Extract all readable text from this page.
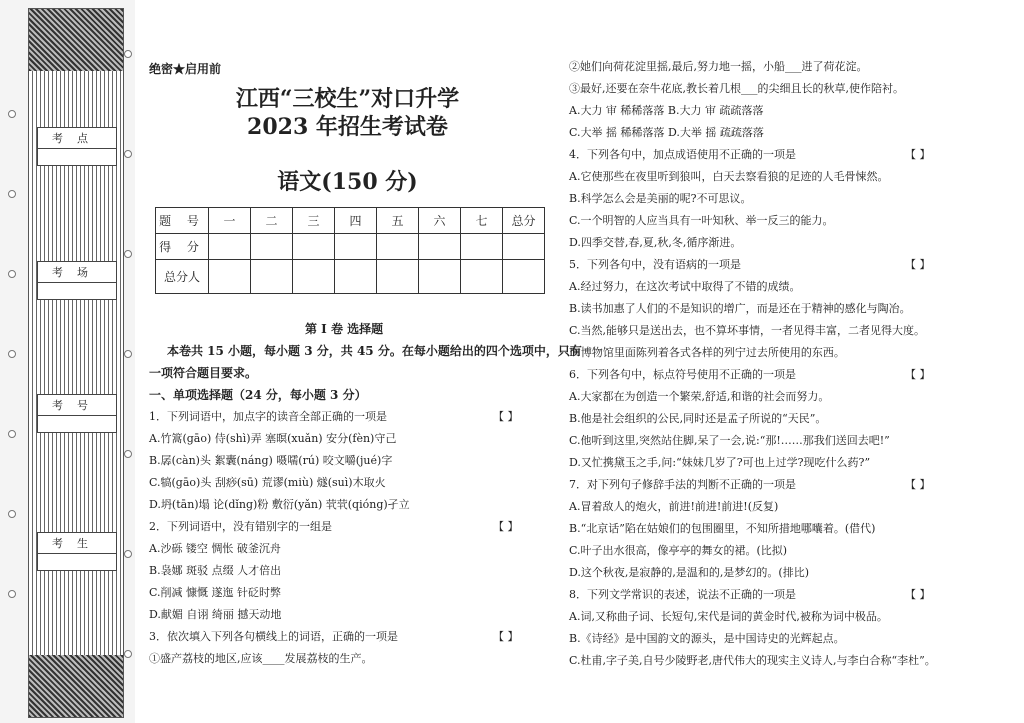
考点
考场
考号
考生
绝密★启用前
江西“三校生”对口升学
2023 年招生考试卷
语文(150 分)
题 号	一	二	三	四	五	六	七	总分
得 分								
总分人								
第 I 卷 选择题
本卷共 15 小题，每小题 3 分，共 45 分。在每小题给出的四个选项中，只有
一项符合题目要求。
一、单项选择题（24 分，每小题 3 分）
1．下列词语中，加点字的读音全部正确的一项是	【 】
A.竹篙(gāo) 侍(shì)弄 塞暝(xuǎn) 安分(fèn)守己
B.孱(càn)头 絮囊(náng) 嗫嚅(rú) 咬文嚼(jué)字
C.犒(gāo)头 刮痧(sū) 荒谬(miù) 燧(suì)木取火
D.坍(tān)塌 论(dǐng)粉 敷衍(yǎn) 茕茕(qióng)孑立
2．下列词语中，没有错别字的一组是	【 】
A.沙砾 镂空 惆怅 破釜沉舟
B.袅娜 斑驳 点缀 人才倍出
C.削减 慷慨 遂迤 针砭时弊
D.献媚 自诩 绮丽 撼天动地
3．依次填入下列各句横线上的词语，正确的一项是	【 】
①盛产荔枝的地区,应该____发展荔枝的生产。
②她们向荷花淀里摇,最后,努力地一摇，小船___进了荷花淀。
③最好,还要在奈牛花底,教长着几根___的尖细且长的秋草,使作陪衬。
A.大力 审 稀稀落落 B.大力 审 疏疏落落
C.大举 摇 稀稀落落 D.大举 摇 疏疏落落
4．下列各句中，加点成语使用不正确的一项是	【 】
A.它使那些在夜里听到狼叫，白天去察看狼的足迹的人毛骨悚然。
B.科学怎么会是美丽的呢?不可思议。
C.一个明智的人应当具有一叶知秋、举一反三的能力。
D.四季交替,春,夏,秋,冬,循序渐进。
5．下列各句中，没有语病的一项是	【 】
A.经过努力，在这次考试中取得了不错的成绩。
B.读书加惠了人们的不是知识的增广，而是还在于精神的感化与陶冶。
C.当然,能够只是送出去，也不算坏事情，一者见得丰富，二者见得大度。
D.博物馆里面陈列着各式各样的列宁过去所使用的东西。
6．下列各句中，标点符号使用不正确的一项是	【 】
A.大家都在为创造一个繁荣,舒适,和谐的社会而努力。
B.他是社会组织的公民,同时还是孟子所说的“天民”。
C.他听到这里,突然站住脚,呆了一会,说:“那!……那我们送回去吧!”
D.又忙携黛玉之手,问:“妹妹几岁了?可也上过学?现吃什么药?”
7．对下列句子修辞手法的判断不正确的一项是	【 】
A.冒着敌人的炮火，前进!前进!前进!(反复)
B.“北京话”陷在姑娘们的包围圈里，不知所措地哪囔着。(借代)
C.叶子出水很高，像亭亭的舞女的裙。(比拟)
D.这个秋夜,是寂静的,是温和的,是梦幻的。(排比)
8．下列文学常识的表述，说法不正确的一项是	【 】
A.词,又称曲子词、长短句,宋代是词的黄金时代,被称为词中极品。
B.《诗经》是中国韵文的源头，是中国诗史的光辉起点。
C.杜甫,字子美,自号少陵野老,唐代伟大的现实主义诗人,与李白合称“李杜”。
